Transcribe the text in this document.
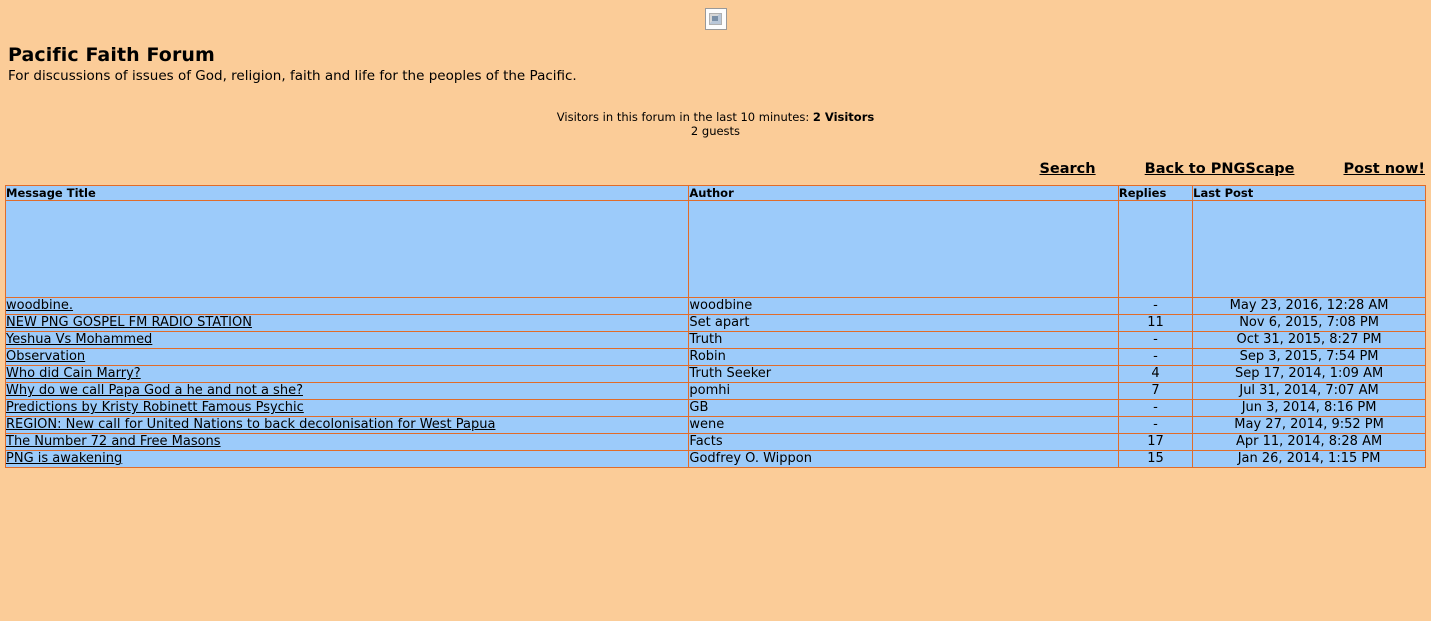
Pacific Faith Forum

For discussions of issues of God, religion, faith and life for the peoples of the Pacific.

Visitors in this forum in the last 10 minutes: 2 Visitors
2 guests
Search	Back to PNGScape	Post now!
Message Title	Author	Replies	Last Post

woodbine.	woodbine	-	May 23, 2016, 12:28 AM
NEW PNG GOSPEL FM RADIO STATION	Set apart	11	Nov 6, 2015, 7:08 PM
Yeshua Vs Mohammed	Truth	-	Oct 31, 2015, 8:27 PM
Observation	Robin	-	Sep 3, 2015, 7:54 PM
Who did Cain Marry?	Truth Seeker	4	Sep 17, 2014, 1:09 AM
Why do we call Papa God a he and not a she?	pomhi	7	Jul 31, 2014, 7:07 AM
Predictions by Kristy Robinett Famous Psychic	GB	-	Jun 3, 2014, 8:16 PM
REGION: New call for United Nations to back decolonisation for West Papua	wene	-	May 27, 2014, 9:52 PM
The Number 72 and Free Masons	Facts	17	Apr 11, 2014, 8:28 AM
PNG is awakening	Godfrey O. Wippon	15	Jan 26, 2014, 1:15 PM
